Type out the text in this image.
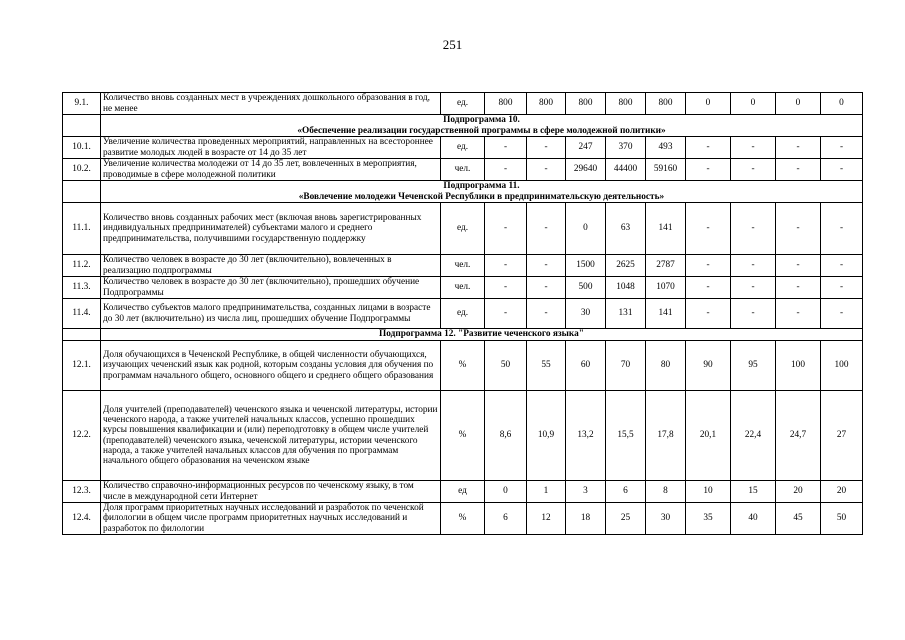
251
9.1.	Количество вновь созданных мест в учреждениях дошкольного образования в год, не менее	ед.	800	800	800	800	800	0	0	0	0

	Подпрограмма 10.
«Обеспечение реализации государственной программы в сфере молодежной политики»										

10.1.	Увеличение количества проведенных мероприятий, направленных на всестороннее развитие молодых людей в возрасте от 14 до 35 лет	ед.	-	-	247	370	493	-	-	-	-
10.2.	Увеличение количества молодежи от 14 до 35 лет, вовлеченных в мероприятия, проводимые в сфере молодежной политики	чел.	-	-	29640	44400	59160	-	-	-	-

	Подпрограмма 11.
«Вовлечение молодежи Чеченской Республики в предпринимательскую деятельность»										

11.1.	Количество вновь созданных рабочих мест (включая вновь зарегистрированных индивидуальных предпринимателей) субъектами малого и среднего предпринимательства, получившими государственную поддержку	ед.	-	-	0	63	141	-	-	-	-
11.2.	Количество человек в возрасте до 30 лет (включительно), вовлеченных в реализацию подпрограммы	чел.	-	-	1500	2625	2787	-	-	-	-
11.3.	Количество человек в возрасте до 30 лет (включительно), прошедших обучение Подпрограммы	чел.	-	-	500	1048	1070	-	-	-	-
11.4.	Количество субъектов малого предпринимательства, созданных лицами в возрасте до 30 лет (включительно) из числа лиц, прошедших обучение Подпрограммы	ед.	-	-	30	131	141	-	-	-	-

	Подпрограмма 12. "Развитие чеченского языка"										

12.1.	Доля обучающихся в Чеченской Республике, в общей численности обучающихся, изучающих чеченский язык как родной, которым созданы условия для обучения по программам начального общего, основного общего и среднего общего образования	%	50	55	60	70	80	90	95	100	100
12.2.	Доля учителей (преподавателей) чеченского языка и чеченской литературы, истории чеченского народа, а также учителей начальных классов, успешно прошедших курсы повышения квалификации и (или) переподготовку в общем числе учителей (преподавателей) чеченского языка, чеченской литературы, истории чеченского народа, а также учителей начальных классов для обучения по программам начального общего образования на чеченском языке	%	8,6	10,9	13,2	15,5	17,8	20,1	22,4	24,7	27
12.3.	Количество справочно-информационных ресурсов по чеченскому языку, в том числе в международной сети Интернет	ед	0	1	3	6	8	10	15	20	20
12.4.	Доля программ приоритетных научных исследований и разработок по чеченской филологии в общем числе программ приоритетных научных исследований и разработок по филологии	%	6	12	18	25	30	35	40	45	50
